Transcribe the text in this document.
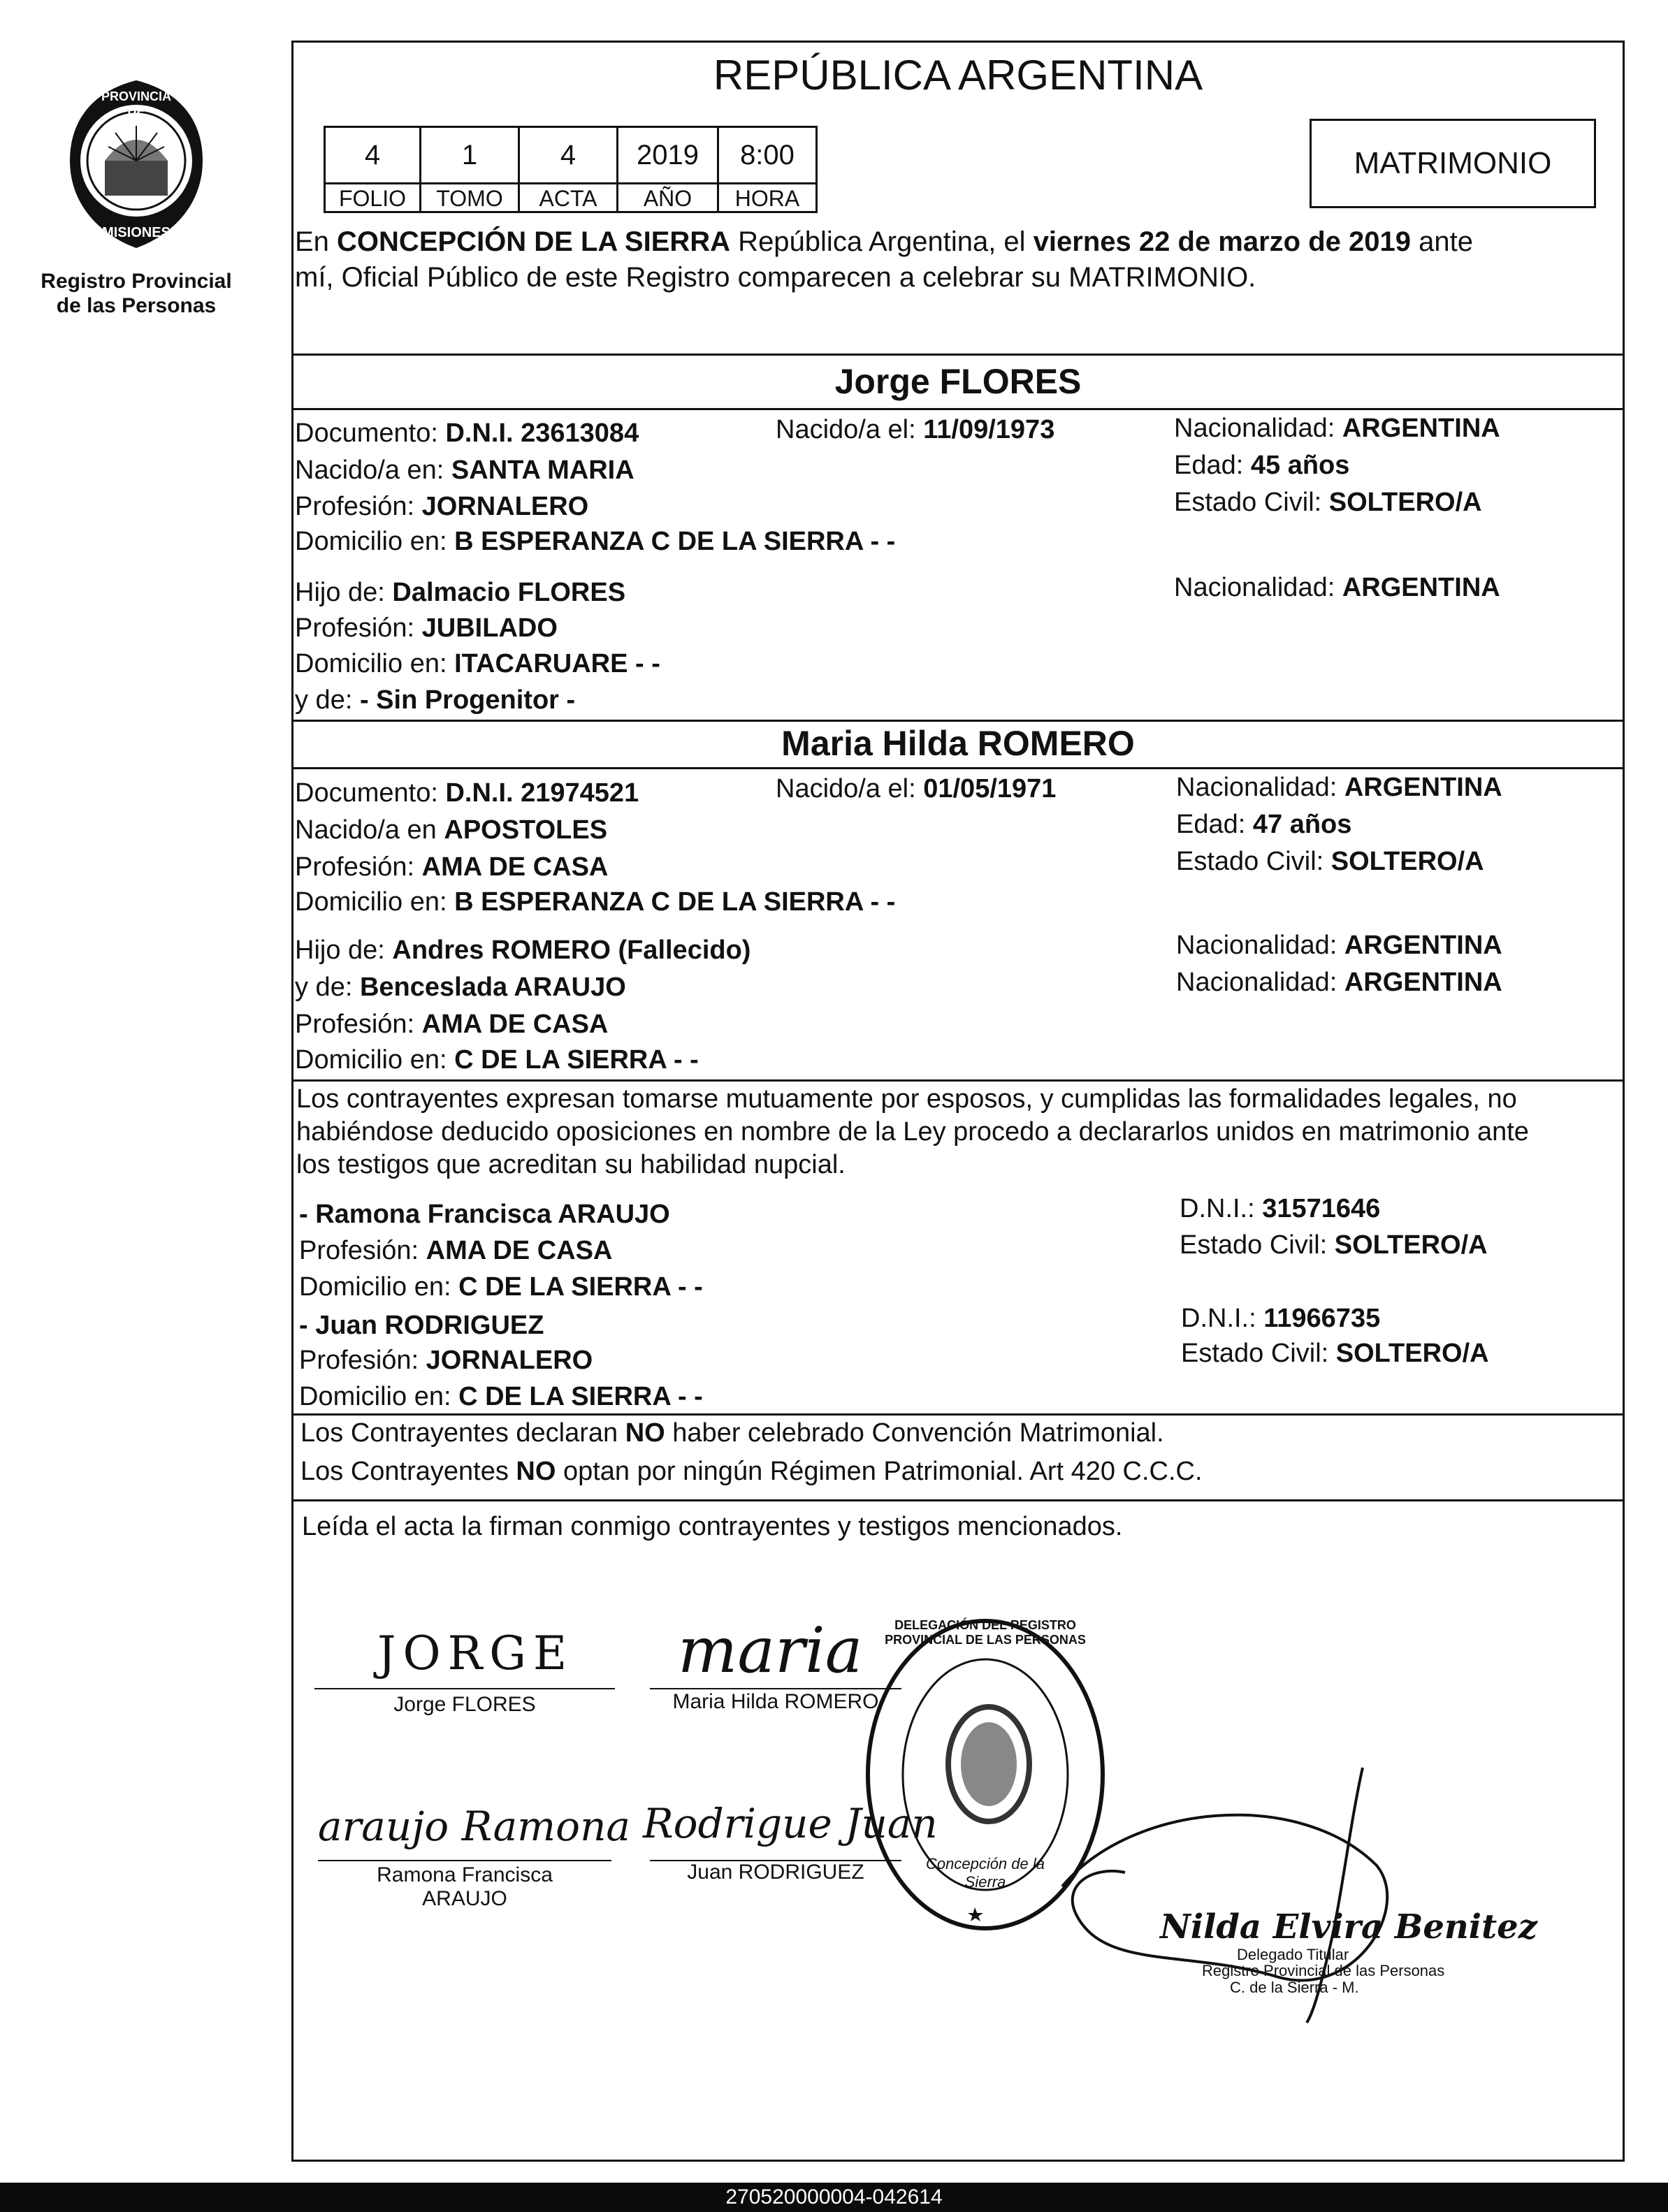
PROVINCIA DE
MISIONES
Registro Provincial
de las Personas
REPÚBLICA ARGENTINA
4	1	4	2019	8:00
FOLIO	TOMO	ACTA	AÑO	HORA
MATRIMONIO
En CONCEPCIÓN DE LA SIERRA República Argentina, el viernes 22 de marzo de 2019 ante
mí, Oficial Público de este Registro comparecen a celebrar su MATRIMONIO.
Jorge FLORES
Documento: D.N.I. 23613084	Nacido/a el: 11/09/1973	Nacionalidad: ARGENTINA
Nacido/a en: SANTA MARIA	Edad: 45 años
Profesión: JORNALERO	Estado Civil: SOLTERO/A
Domicilio en: B ESPERANZA C DE LA SIERRA - -
Hijo de: Dalmacio FLORES	Nacionalidad: ARGENTINA
Profesión: JUBILADO
Domicilio en: ITACARUARE - -
y de: - Sin Progenitor -
Maria Hilda ROMERO
Documento: D.N.I. 21974521	Nacido/a el: 01/05/1971	Nacionalidad: ARGENTINA
Nacido/a en APOSTOLES	Edad: 47 años
Profesión: AMA DE CASA	Estado Civil: SOLTERO/A
Domicilio en: B ESPERANZA C DE LA SIERRA - -
Hijo de: Andres ROMERO (Fallecido)	Nacionalidad: ARGENTINA
y de: Benceslada ARAUJO	Nacionalidad: ARGENTINA
Profesión: AMA DE CASA
Domicilio en: C DE LA SIERRA - -
Los contrayentes expresan tomarse mutuamente por esposos, y cumplidas las formalidades legales, no
habiéndose deducido oposiciones en nombre de la Ley procedo a declararlos unidos en matrimonio ante
los testigos que acreditan su habilidad nupcial.
- Ramona Francisca ARAUJO	D.N.I.: 31571646
Profesión: AMA DE CASA	Estado Civil: SOLTERO/A
Domicilio en: C DE LA SIERRA - -
- Juan RODRIGUEZ	D.N.I.: 11966735
Profesión: JORNALERO	Estado Civil: SOLTERO/A
Domicilio en: C DE LA SIERRA - -
Los Contrayentes declaran NO haber celebrado Convención Matrimonial.
Los Contrayentes NO optan por ningún Régimen Patrimonial. Art 420 C.C.C.
Leída el acta la firman conmigo contrayentes y testigos mencionados.
JORGE
Jorge FLORES
maria
Maria Hilda ROMERO
araujo Ramona
Ramona Francisca
ARAUJO
Rodrigue Juan
Juan RODRIGUEZ
DELEGACIÓN DEL REGISTRO PROVINCIAL DE LAS PERSONAS
Concepción de la Sierra
Nilda Elvira Benitez
Delegado Titular
Registro Provincial de las Personas
C. de la Sierra - M.
270520000004-042614
